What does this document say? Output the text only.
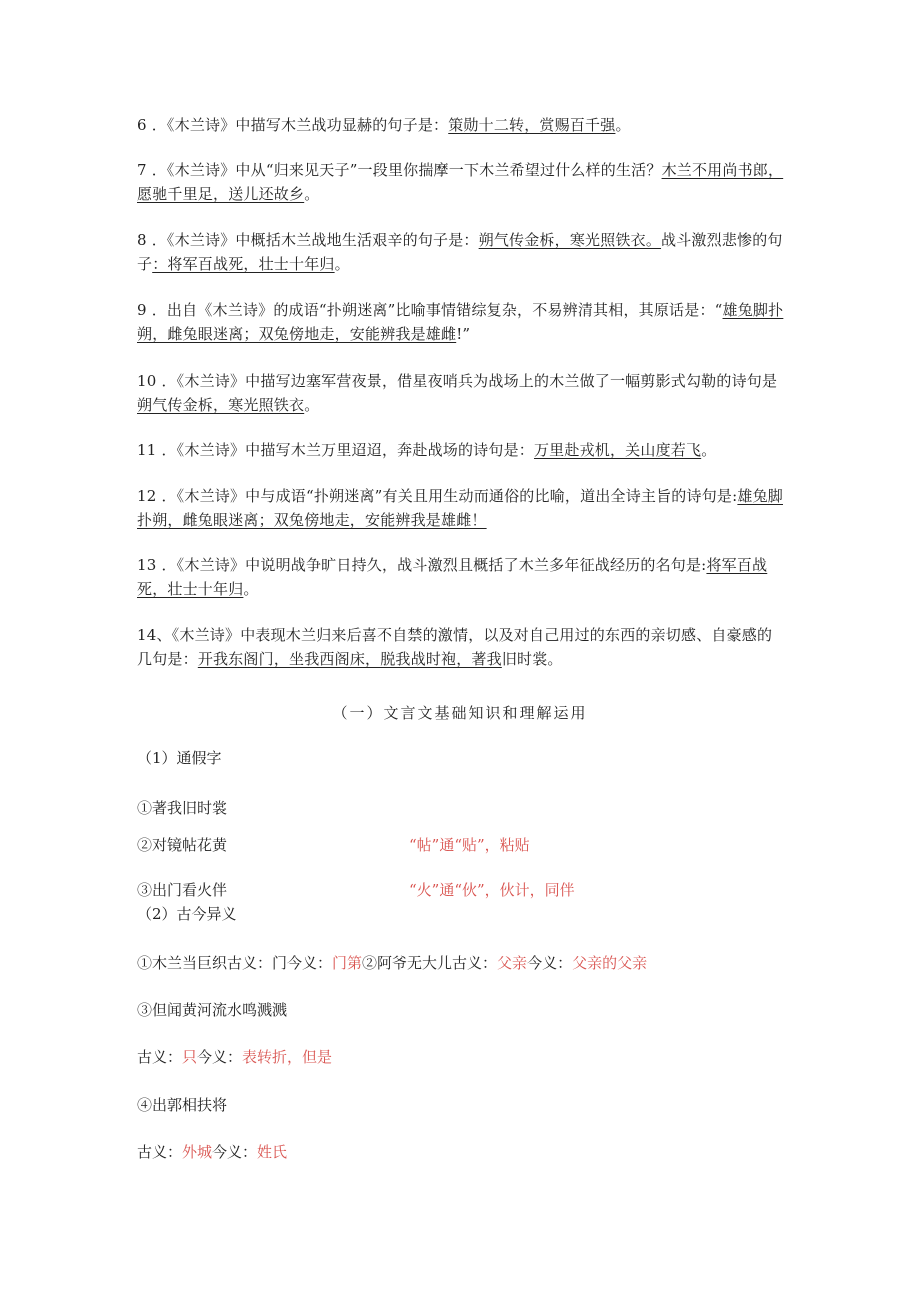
6 ．《木兰诗》中描写木兰战功显赫的句子是：策勋十二转，赏赐百千强。
7 ．《木兰诗》中从“归来见天子”一段里你揣摩一下木兰希望过什么样的生活？木兰不用尚书郎，愿驰千里足，送儿还故乡。
8 ．《木兰诗》中概括木兰战地生活艰辛的句子是：朔气传金柝，寒光照铁衣。战斗激烈悲惨的句子：将军百战死，壮士十年归。
9 ．出自《木兰诗》的成语“扑朔迷离”比喻事情错综复杂，不易辨清其相，其原话是：“雄兔脚扑朔，雌兔眼迷离；双兔傍地走，安能辨我是雄雌!”
10 ．《木兰诗》中描写边塞军营夜景，借星夜哨兵为战场上的木兰做了一幅剪影式勾勒的诗句是朔气传金柝，寒光照铁衣。
11 ．《木兰诗》中描写木兰万里迢迢，奔赴战场的诗句是：万里赴戎机，关山度若飞。
12 ．《木兰诗》中与成语“扑朔迷离”有关且用生动而通俗的比喻，道出全诗主旨的诗句是:雄兔脚扑朔，雌兔眼迷离；双兔傍地走，安能辨我是雄雌！
13 ．《木兰诗》中说明战争旷日持久，战斗激烈且概括了木兰多年征战经历的名句是:将军百战死，壮士十年归。
14、《木兰诗》中表现木兰归来后喜不自禁的激情，以及对自己用过的东西的亲切感、自豪感的几句是：开我东阁门，坐我西阁床，脱我战时袍，著我旧时裳。
（一）文言文基础知识和理解运用
（1）通假字
①著我旧时裳
②对镜帖花黄	“帖”通“贴”，粘贴
③出门看火伴	“火”通“伙”，伙计，同伴
（2）古今异义
①木兰当巨织古义：门今义：门第②阿爷无大儿古义：父亲今义：父亲的父亲
③但闻黄河流水鸣溅溅
古义：只今义：表转折，但是
④出郭相扶将
古义：外城今义：姓氏
